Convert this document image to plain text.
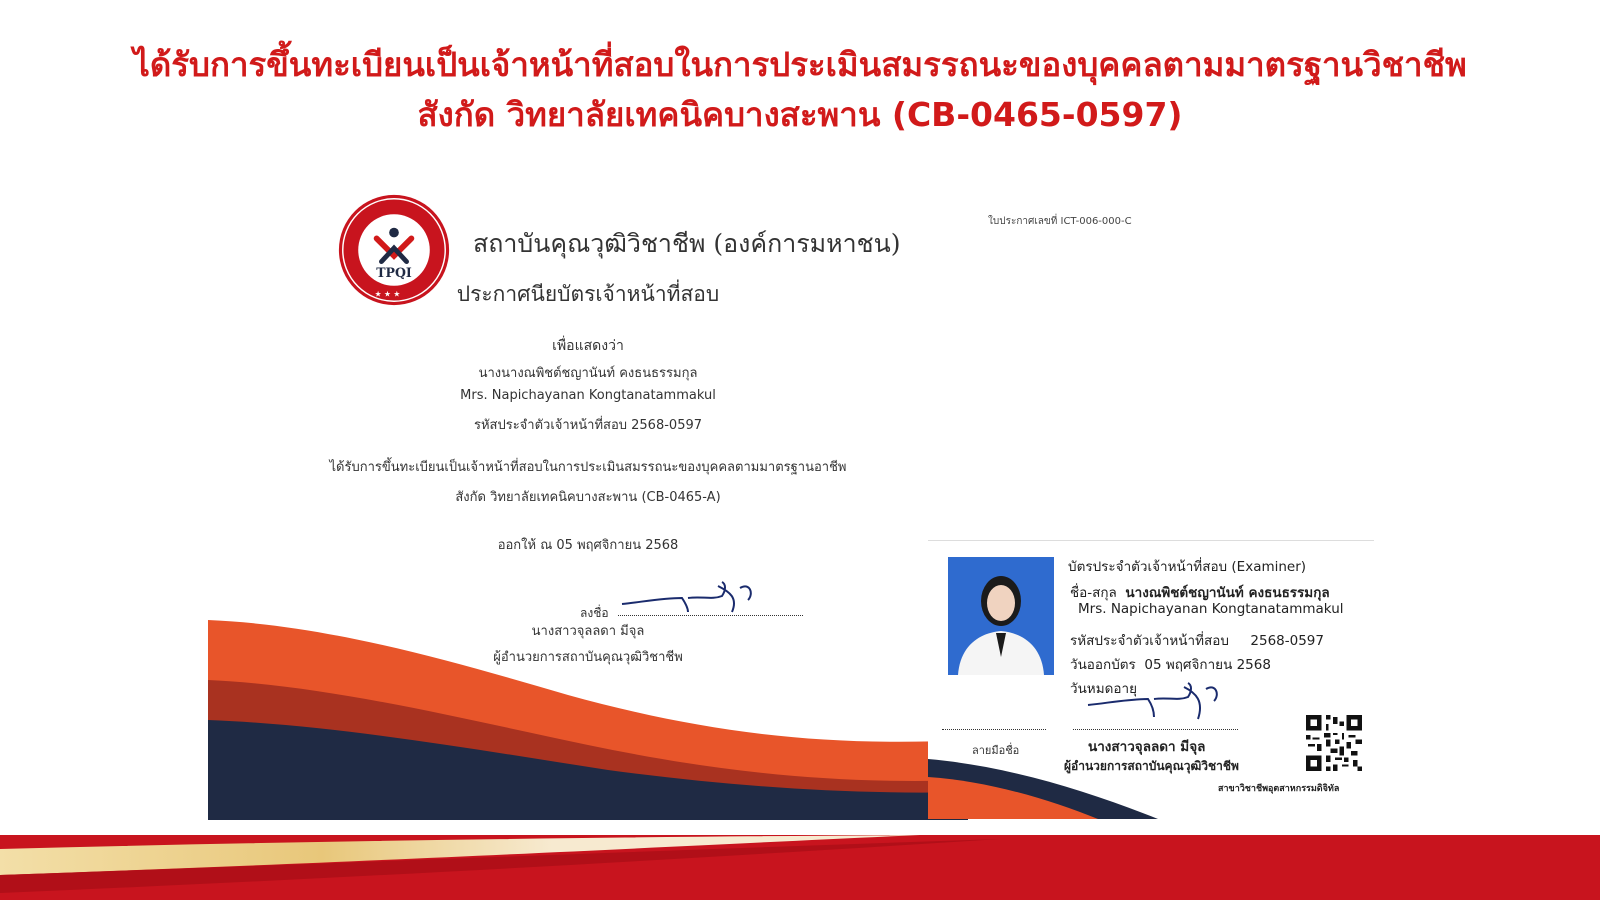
ได้รับการขึ้นทะเบียนเป็นเจ้าหน้าที่สอบในการประเมินสมรรถนะของบุคคลตามมาตรฐานวิชาชีพ
สังกัด วิทยาลัยเทคนิคบางสะพาน (CB-0465-0597)
TPQI
★ ★ ★
ใบประกาศเลขที่ ICT-006-000-C
สถาบันคุณวุฒิวิชาชีพ (องค์การมหาชน)
ประกาศนียบัตรเจ้าหน้าที่สอบ
เพื่อแสดงว่า
นางนางณพิชต์ชญานันท์ คงธนธรรมกุล
Mrs. Napichayanan Kongtanatammakul
รหัสประจำตัวเจ้าหน้าที่สอบ 2568-0597
ได้รับการขึ้นทะเบียนเป็นเจ้าหน้าที่สอบในการประเมินสมรรถนะของบุคคลตามมาตรฐานอาชีพ
สังกัด วิทยาลัยเทคนิคบางสะพาน (CB-0465-A)
ออกให้ ณ 05 พฤศจิกายน 2568
ลงชื่อ
นางสาวจุลลดา มีจุล
ผู้อำนวยการสถาบันคุณวุฒิวิชาชีพ
บัตรประจำตัวเจ้าหน้าที่สอบ (Examiner)
ชื่อ-สกุล นางณพิชต์ชญานันท์ คงธนธรรมกุล
Mrs. Napichayanan Kongtanatammakul
รหัสประจำตัวเจ้าหน้าที่สอบ 2568-0597
วันออกบัตร 05 พฤศจิกายน 2568
วันหมดอายุ
ลายมือชื่อ	นางสาวจุลลดา มีจุล
ผู้อำนวยการสถาบันคุณวุฒิวิชาชีพ
สาขาวิชาชีพอุตสาหกรรมดิจิทัล
